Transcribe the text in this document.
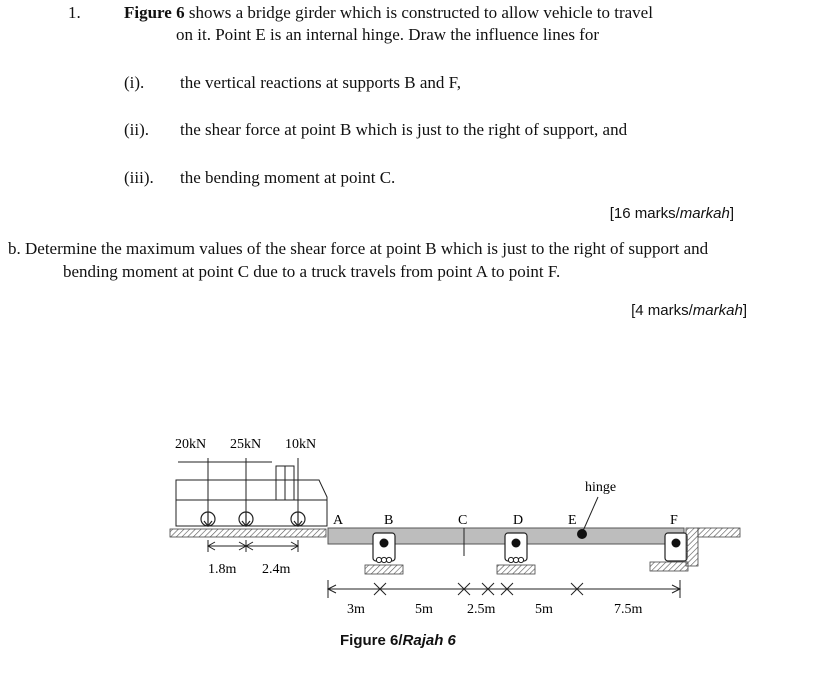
1.	Figure 6 shows a bridge girder which is constructed to allow vehicle to travel
on it. Point E is an internal hinge. Draw the influence lines for
(i). the vertical reactions at supports B and F,
(ii). the shear force at point B which is just to the right of support, and
(iii). the bending moment at point C.
[16 marks/markah]
b. Determine the maximum values of the shear force at point B which is just to the right of support and
bending moment at point C due to a truck travels from point A to point F.
[4 marks/markah]
20kN 25kN 10kN
1.8m 2.4m
A	B	C	D	E	F
hinge
3m	5m 2.5m	5m	7.5m
Figure 6/Rajah 6
